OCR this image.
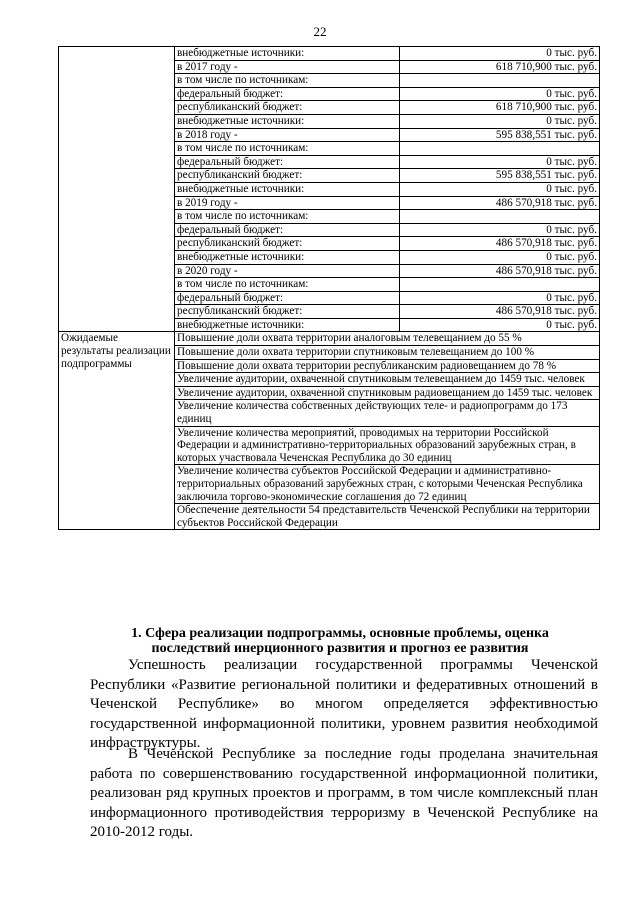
22
	внебюджетные источники:	0 тыс. руб.
	в 2017 году -	618 710,900 тыс. руб.
	в том числе по источникам:	
	федеральный бюджет:	0 тыс. руб.
	республиканский бюджет:	618 710,900 тыс. руб.
	внебюджетные источники:	0 тыс. руб.
	в 2018 году -	595 838,551 тыс. руб.
	в том числе по источникам:	
	федеральный бюджет:	0 тыс. руб.
	республиканский бюджет:	595 838,551 тыс. руб.
	внебюджетные источники:	0 тыс. руб.
	в 2019 году -	486 570,918 тыс. руб.
	в том числе по источникам:	
	федеральный бюджет:	0 тыс. руб.
	республиканский бюджет:	486 570,918 тыс. руб.
	внебюджетные источники:	0 тыс. руб.
	в 2020 году -	486 570,918 тыс. руб.
	в том числе по источникам:	
	федеральный бюджет:	0 тыс. руб.
	республиканский бюджет:	486 570,918 тыс. руб.
	внебюджетные источники:	0 тыс. руб.
Ожидаемые результаты реализации подпрограммы	Повышение доли охвата территории аналоговым телевещанием до 55 %	
	Повышение доли охвата территории спутниковым телевещанием до 100 %	
	Повышение доли охвата территории республиканским радиовещанием до 78 %	
	Увеличение аудитории, охваченной спутниковым телевещанием до 1459 тыс. человек	
	Увеличение аудитории, охваченной спутниковым радиовещанием до 1459 тыс. человек	
	Увеличение количества собственных действующих теле- и радиопрограмм до 173 единиц	
	Увеличение количества мероприятий, проводимых на территории Российской Федерации и административно-территориальных образований зарубежных стран, в которых участвовала Чеченская Республика до 30 единиц	
	Увеличение количества субъектов Российской Федерации и административно-территориальных образований зарубежных стран, с которыми Чеченская Республика заключила торгово-экономические соглашения до 72 единиц	
	Обеспечение деятельности 54 представительств Чеченской Республики на территории субъектов Российской Федерации	
1. Сфера реализации подпрограммы, основные проблемы, оценка последствий инерционного развития и прогноз ее развития

Успешность реализации государственной программы Чеченской Республики «Развитие региональной политики и федеративных отношений в Чеченской Республике» во многом определяется эффективностью государственной информационной политики, уровнем развития необходимой инфраструктуры.

В Чеченской Республике за последние годы проделана значительная работа по совершенствованию государственной информационной политики, реализован ряд крупных проектов и программ, в том числе комплексный план информационного противодействия терроризму в Чеченской Республике на 2010-2012 годы.
